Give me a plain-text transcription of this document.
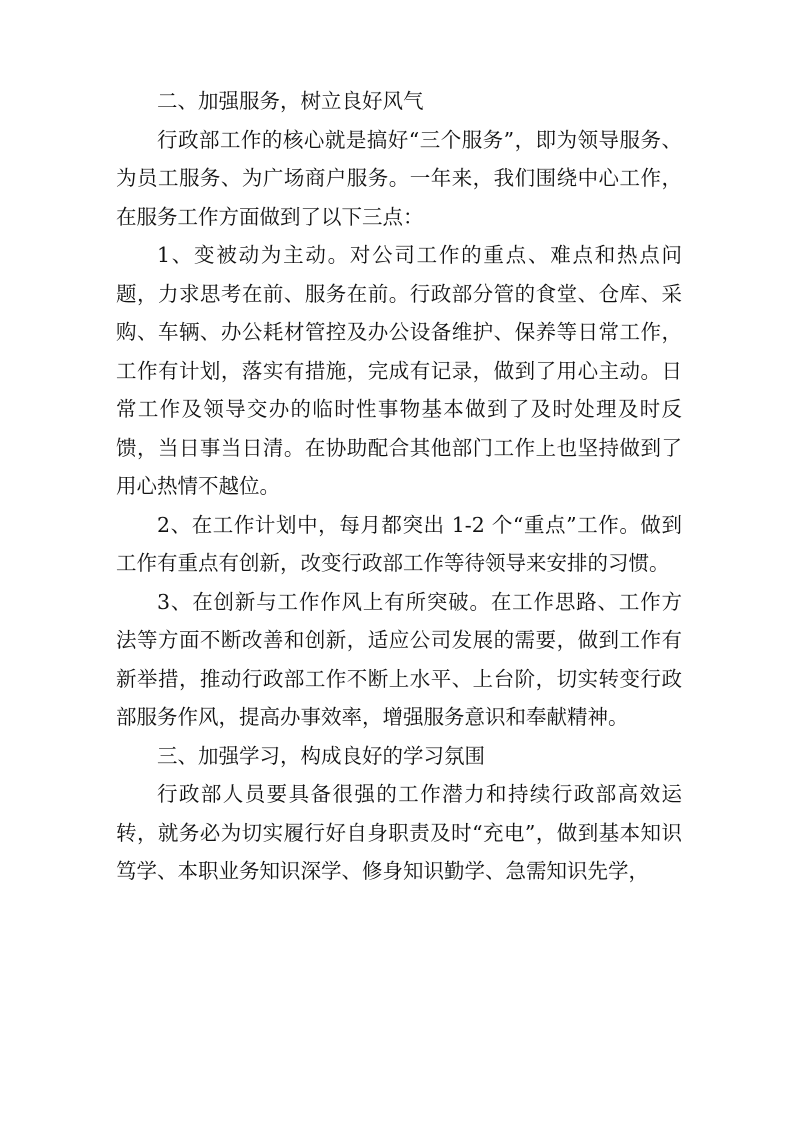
二、加强服务，树立良好风气

行政部工作的核心就是搞好“三个服务”，即为领导服务、为员工服务、为广场商户服务。一年来，我们围绕中心工作，在服务工作方面做到了以下三点：

1、变被动为主动。对公司工作的重点、难点和热点问题，力求思考在前、服务在前。行政部分管的食堂、仓库、采购、车辆、办公耗材管控及办公设备维护、保养等日常工作，工作有计划，落实有措施，完成有记录，做到了用心主动。日常工作及领导交办的临时性事物基本做到了及时处理及时反馈，当日事当日清。在协助配合其他部门工作上也坚持做到了用心热情不越位。

2、在工作计划中，每月都突出 1-2 个“重点”工作。做到工作有重点有创新，改变行政部工作等待领导来安排的习惯。

3、在创新与工作作风上有所突破。在工作思路、工作方法等方面不断改善和创新，适应公司发展的需要，做到工作有新举措，推动行政部工作不断上水平、上台阶，切实转变行政部服务作风，提高办事效率，增强服务意识和奉献精神。

三、加强学习，构成良好的学习氛围

行政部人员要具备很强的工作潜力和持续行政部高效运转，就务必为切实履行好自身职责及时“充电”，做到基本知识笃学、本职业务知识深学、修身知识勤学、急需知识先学，
